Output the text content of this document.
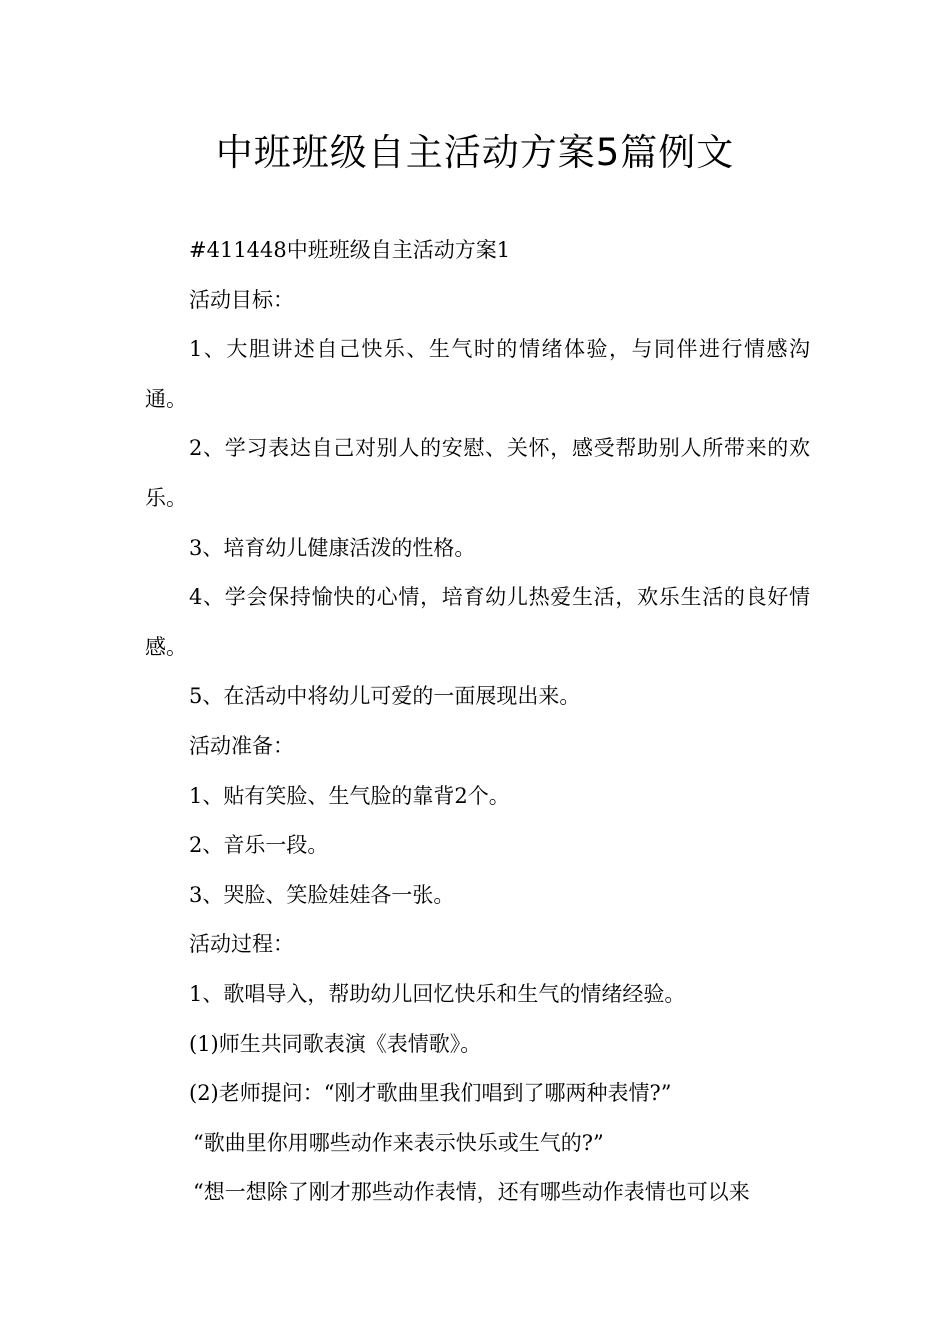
中班班级自主活动方案5篇例文

#411448中班班级自主活动方案1

活动目标：

1、大胆讲述自己快乐、生气时的情绪体验，与同伴进行情感沟通。

2、学习表达自己对别人的安慰、关怀，感受帮助别人所带来的欢乐。

3、培育幼儿健康活泼的性格。

4、学会保持愉快的心情，培育幼儿热爱生活，欢乐生活的良好情感。

5、在活动中将幼儿可爱的一面展现出来。

活动准备：

1、贴有笑脸、生气脸的靠背2个。

2、音乐一段。

3、哭脸、笑脸娃娃各一张。

活动过程：

1、歌唱导入，帮助幼儿回忆快乐和生气的情绪经验。

(1)师生共同歌表演《表情歌》。

(2)老师提问：“刚才歌曲里我们唱到了哪两种表情?”

“歌曲里你用哪些动作来表示快乐或生气的?”

“想一想除了刚才那些动作表情，还有哪些动作表情也可以来
